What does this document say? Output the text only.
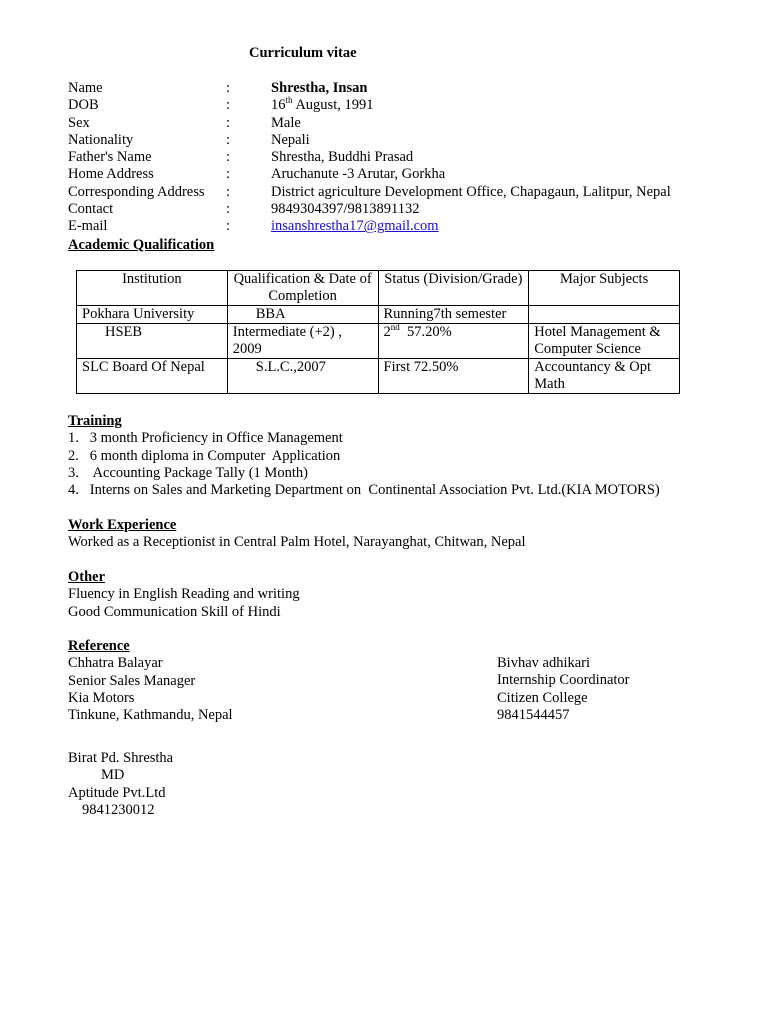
Curriculum vitae
Name	:	Shrestha, Insan
DOB	:	16th August, 1991
Sex	:	Male
Nationality	:	Nepali
Father's Name	:	Shrestha, Buddhi Prasad
Home Address	:	Aruchanute -3 Arutar, Gorkha
Corresponding Address :	District agriculture Development Office, Chapagaun, Lalitpur, Nepal
Contact	:	9849304397/9813891132
E-mail	:	insanshrestha17@gmail.com
Academic Qualification
Institution	Qualification & Date of Completion	Status (Division/Grade)	Major Subjects
Pokhara University	BBA	Running7th semester	
HSEB	Intermediate (+2) , 2009	2nd  57.20%	Hotel Management & Computer Science
SLC Board Of Nepal	S.L.C.,2007	First 72.50%	Accountancy & Opt Math
Training
1.   3 month Proficiency in Office Management
2.   6 month diploma in Computer  Application
3.    Accounting Package Tally (1 Month)
4.   Interns on Sales and Marketing Department on  Continental Association Pvt. Ltd.(KIA MOTORS)
Work Experience
Worked as a Receptionist in Central Palm Hotel, Narayanghat, Chitwan, Nepal
Other
Fluency in English Reading and writing
Good Communication Skill of Hindi
Reference
Chhatra Balayar
Senior Sales Manager
Kia Motors
Tinkune, Kathmandu, Nepal
Bivhav adhikari
Internship Coordinator
Citizen College
9841544457
Birat Pd. Shrestha
MD
Aptitude Pvt.Ltd
9841230012
